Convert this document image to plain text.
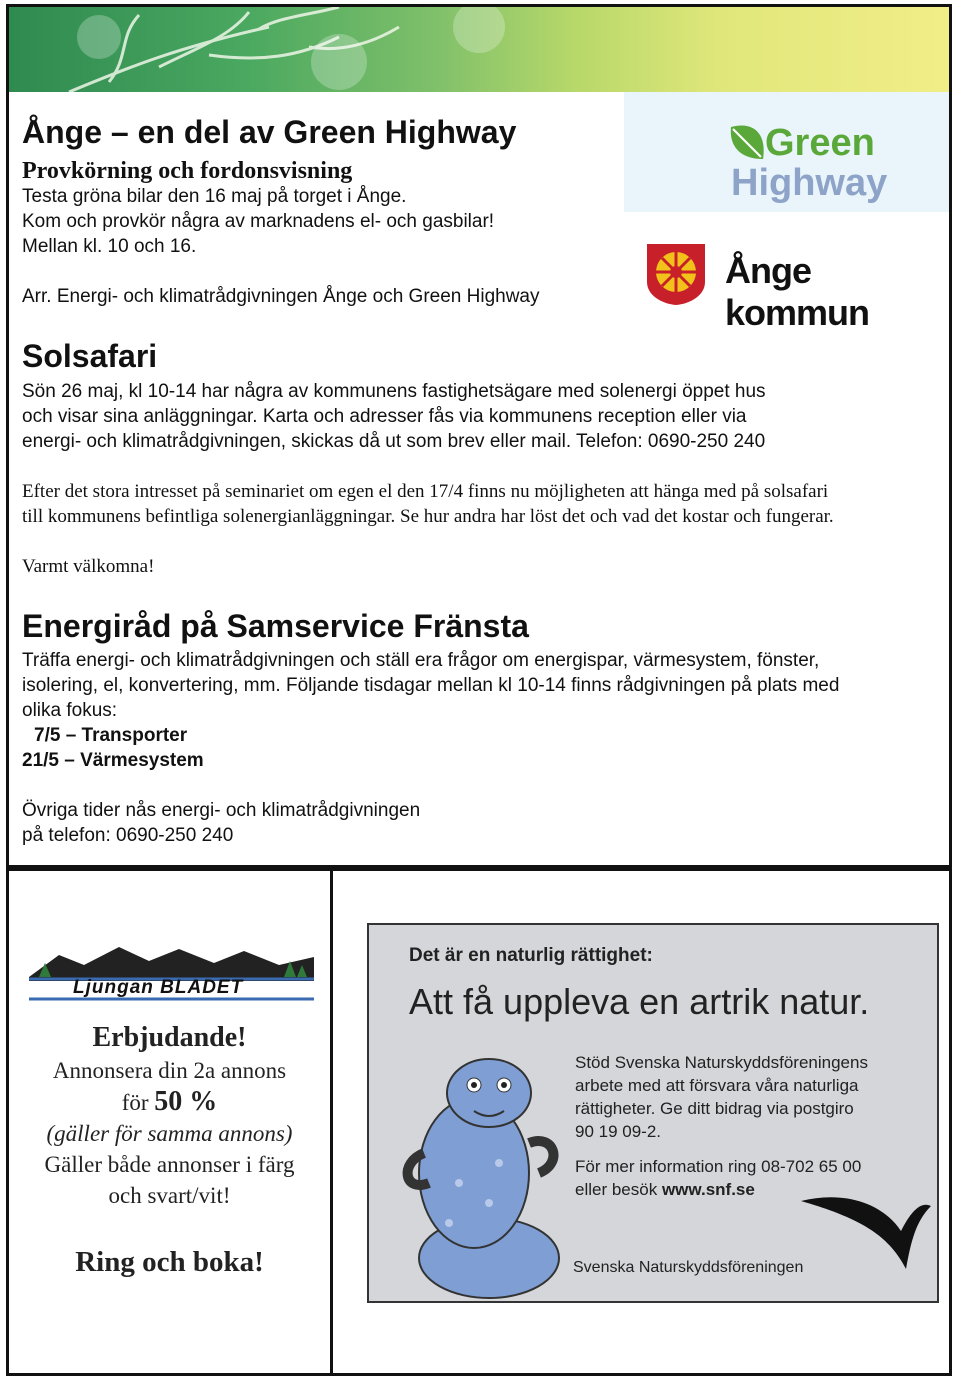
Ånge – en del av Green Highway
Provkörning och fordonsvisning
Testa gröna bilar den 16 maj på torget i Ånge.
Kom och provkör några av marknadens el- och gasbilar!
Mellan kl. 10 och 16.
Arr. Energi- och klimatrådgivningen Ånge och Green Highway
Green
Highway
Ånge kommun
Solsafari
Sön 26 maj, kl 10-14 har några av kommunens fastighetsägare med solenergi öppet hus
och visar sina anläggningar. Karta och adresser fås via kommunens reception eller via
energi- och klimatrådgivningen, skickas då ut som brev eller mail. Telefon: 0690-250 240
Efter det stora intresset på seminariet om egen el den 17/4 finns nu möjligheten att hänga med på solsafari
till kommunens befintliga solenergianläggningar. Se hur andra har löst det och vad det kostar och fungerar.
Varmt välkomna!
Energiråd på Samservice Fränsta
Träffa energi- och klimatrådgivningen och ställ era frågor om energispar, värmesystem, fönster,
isolering, el, konvertering, mm. Följande tisdagar mellan kl 10-14 finns rådgivningen på plats med
olika fokus:
7/5 – Transporter
21/5 – Värmesystem
Övriga tider nås energi- och klimatrådgivningen
på telefon: 0690-250 240
Ljungan BLADET
Erbjudande!
Annonsera din 2a annons
för 50 %
(gäller för samma annons)
Gäller både annonser i färg
och svart/vit!
Ring och boka!
Det är en naturlig rättighet:
Att få uppleva en artrik natur.
Stöd Svenska Naturskyddsföreningens
arbete med att försvara våra naturliga
rättigheter. Ge ditt bidrag via postgiro
90 19 09-2.
För mer information ring 08-702 65 00
eller besök www.snf.se
Svenska Naturskyddsföreningen
